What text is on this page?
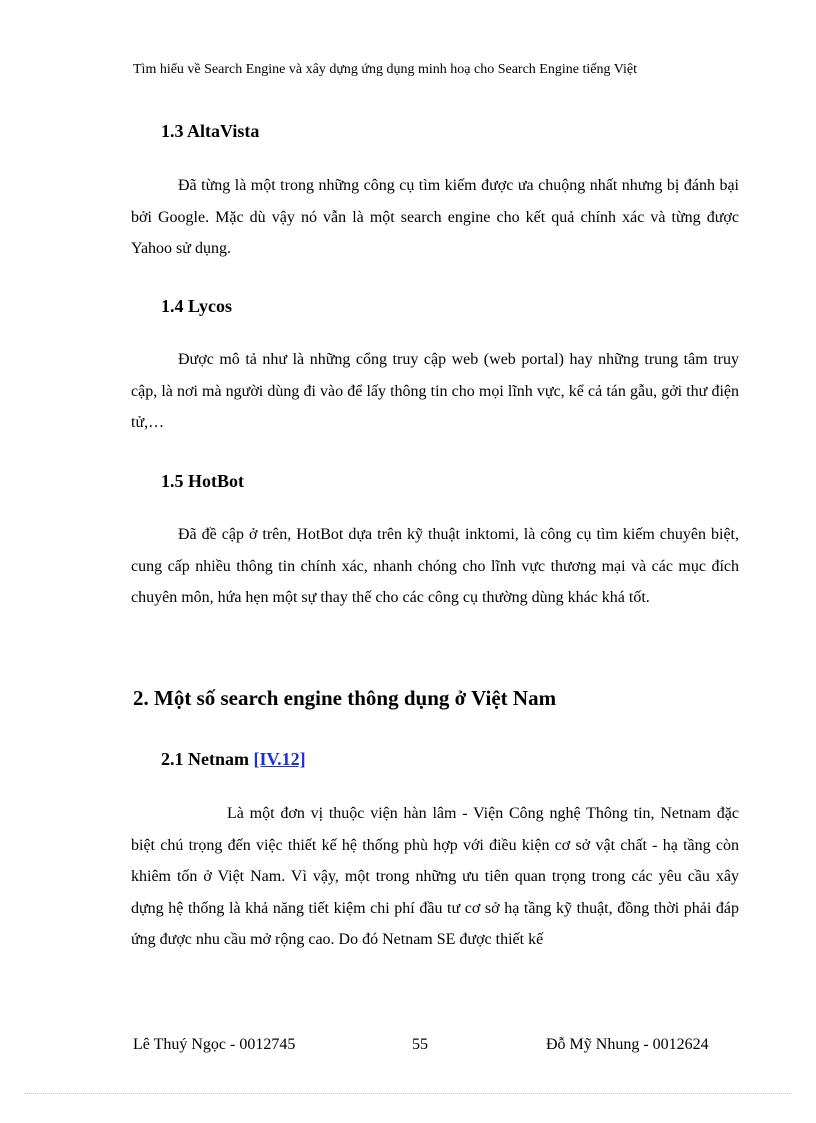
Tìm hiểu về Search Engine và xây dựng ứng dụng minh hoạ cho Search Engine tiếng Việt
1.3 AltaVista
Đã từng là một trong những công cụ tìm kiếm được ưa chuộng nhất nhưng bị đánh bại bởi Google. Mặc dù vậy nó vẫn là một search engine cho kết quả chính xác và từng được Yahoo sử dụng.
1.4 Lycos
Được mô tả như là những cổng truy cập web (web portal) hay những trung tâm truy cập, là nơi mà người dùng đi vào để lấy thông tin cho mọi lĩnh vực, kể cả tán gẫu, gởi thư điện tử,…
1.5 HotBot
Đã đề cập ở trên, HotBot dựa trên kỹ thuật inktomi, là công cụ tìm kiếm chuyên biệt, cung cấp nhiều thông tin chính xác, nhanh chóng cho lĩnh vực thương mại và các mục đích chuyên môn, hứa hẹn một sự thay thế cho các công cụ thường dùng khác khá tốt.
2. Một số search engine thông dụng ở Việt Nam
2.1 Netnam [IV.12]
Là một đơn vị thuộc viện hàn lâm - Viện Công nghệ Thông tin, Netnam đặc biệt chú trọng đến việc thiết kế hệ thống phù hợp với điều kiện cơ sở vật chất - hạ tầng còn khiêm tốn ở Việt Nam. Vì vậy, một trong những ưu tiên quan trọng trong các yêu cầu xây dựng hệ thống là khả năng tiết kiệm chi phí đầu tư cơ sở hạ tầng kỹ thuật, đồng thời phải đáp ứng được nhu cầu mở rộng cao. Do đó Netnam SE được thiết kế
Lê Thuý Ngọc - 0012745	55	Đỗ Mỹ Nhung - 0012624
